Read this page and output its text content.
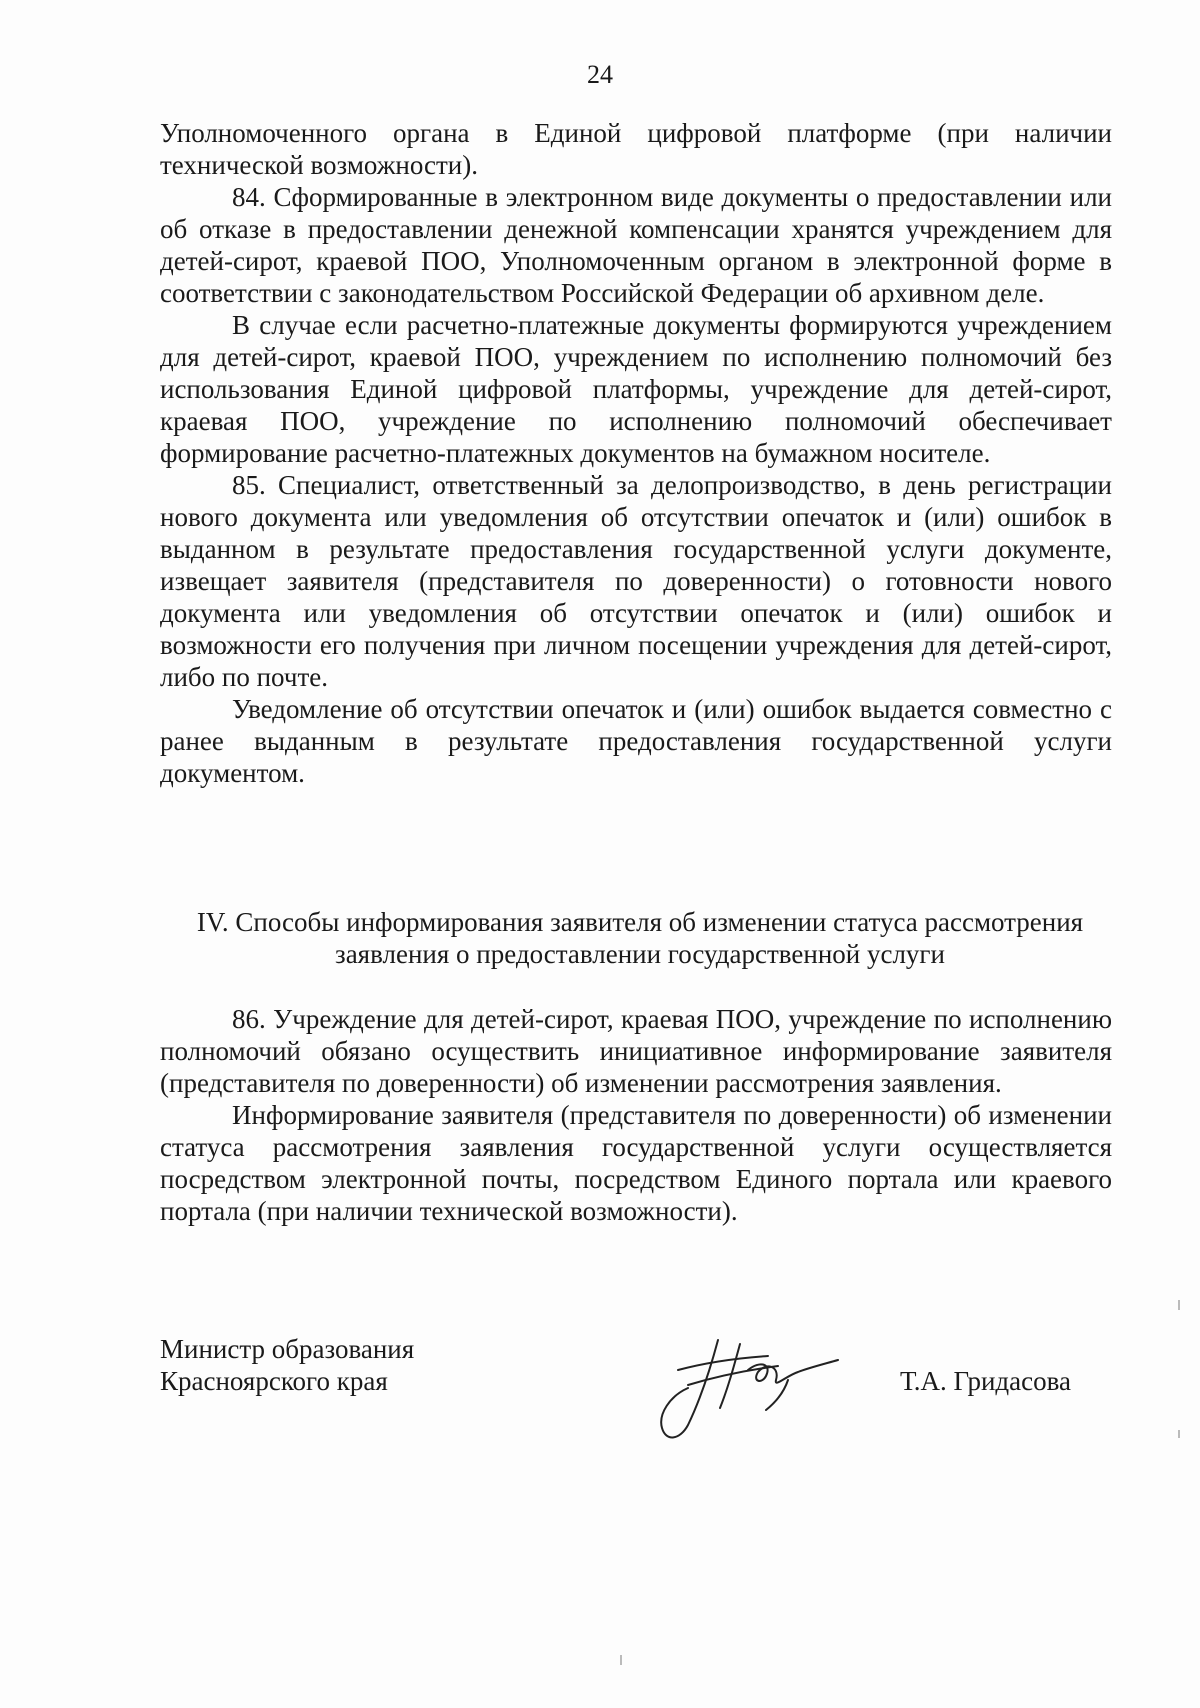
24

Уполномоченного органа в Единой цифровой платформе (при наличии технической возможности).

84. Сформированные в электронном виде документы о предоставлении или об отказе в предоставлении денежной компенсации хранятся учреждением для детей-сирот, краевой ПОО, Уполномоченным органом в электронной форме в соответствии с законодательством Российской Федерации об архивном деле.

В случае если расчетно-платежные документы формируются учреждением для детей-сирот, краевой ПОО, учреждением по исполнению полномочий без использования Единой цифровой платформы, учреждение для детей-сирот, краевая ПОО, учреждение по исполнению полномочий обеспечивает формирование расчетно-платежных документов на бумажном носителе.

85. Специалист, ответственный за делопроизводство, в день регистрации нового документа или уведомления об отсутствии опечаток и (или) ошибок в выданном в результате предоставления государственной услуги документе, извещает заявителя (представителя по доверенности) о готовности нового документа или уведомления об отсутствии опечаток и (или) ошибок и возможности его получения при личном посещении учреждения для детей-сирот, либо по почте.

Уведомление об отсутствии опечаток и (или) ошибок выдается совместно с ранее выданным в результате предоставления государственной услуги документом.

IV. Способы информирования заявителя об изменении статуса рассмотрения
заявления о предоставлении государственной услуги

86. Учреждение для детей-сирот, краевая ПОО, учреждение по исполнению полномочий обязано осуществить инициативное информирование заявителя (представителя по доверенности) об изменении рассмотрения заявления.

Информирование заявителя (представителя по доверенности) об изменении статуса рассмотрения заявления государственной услуги осуществляется посредством электронной почты, посредством Единого портала или краевого портала (при наличии технической возможности).

Министр образования
Красноярского края	Т.А. Гридасова
